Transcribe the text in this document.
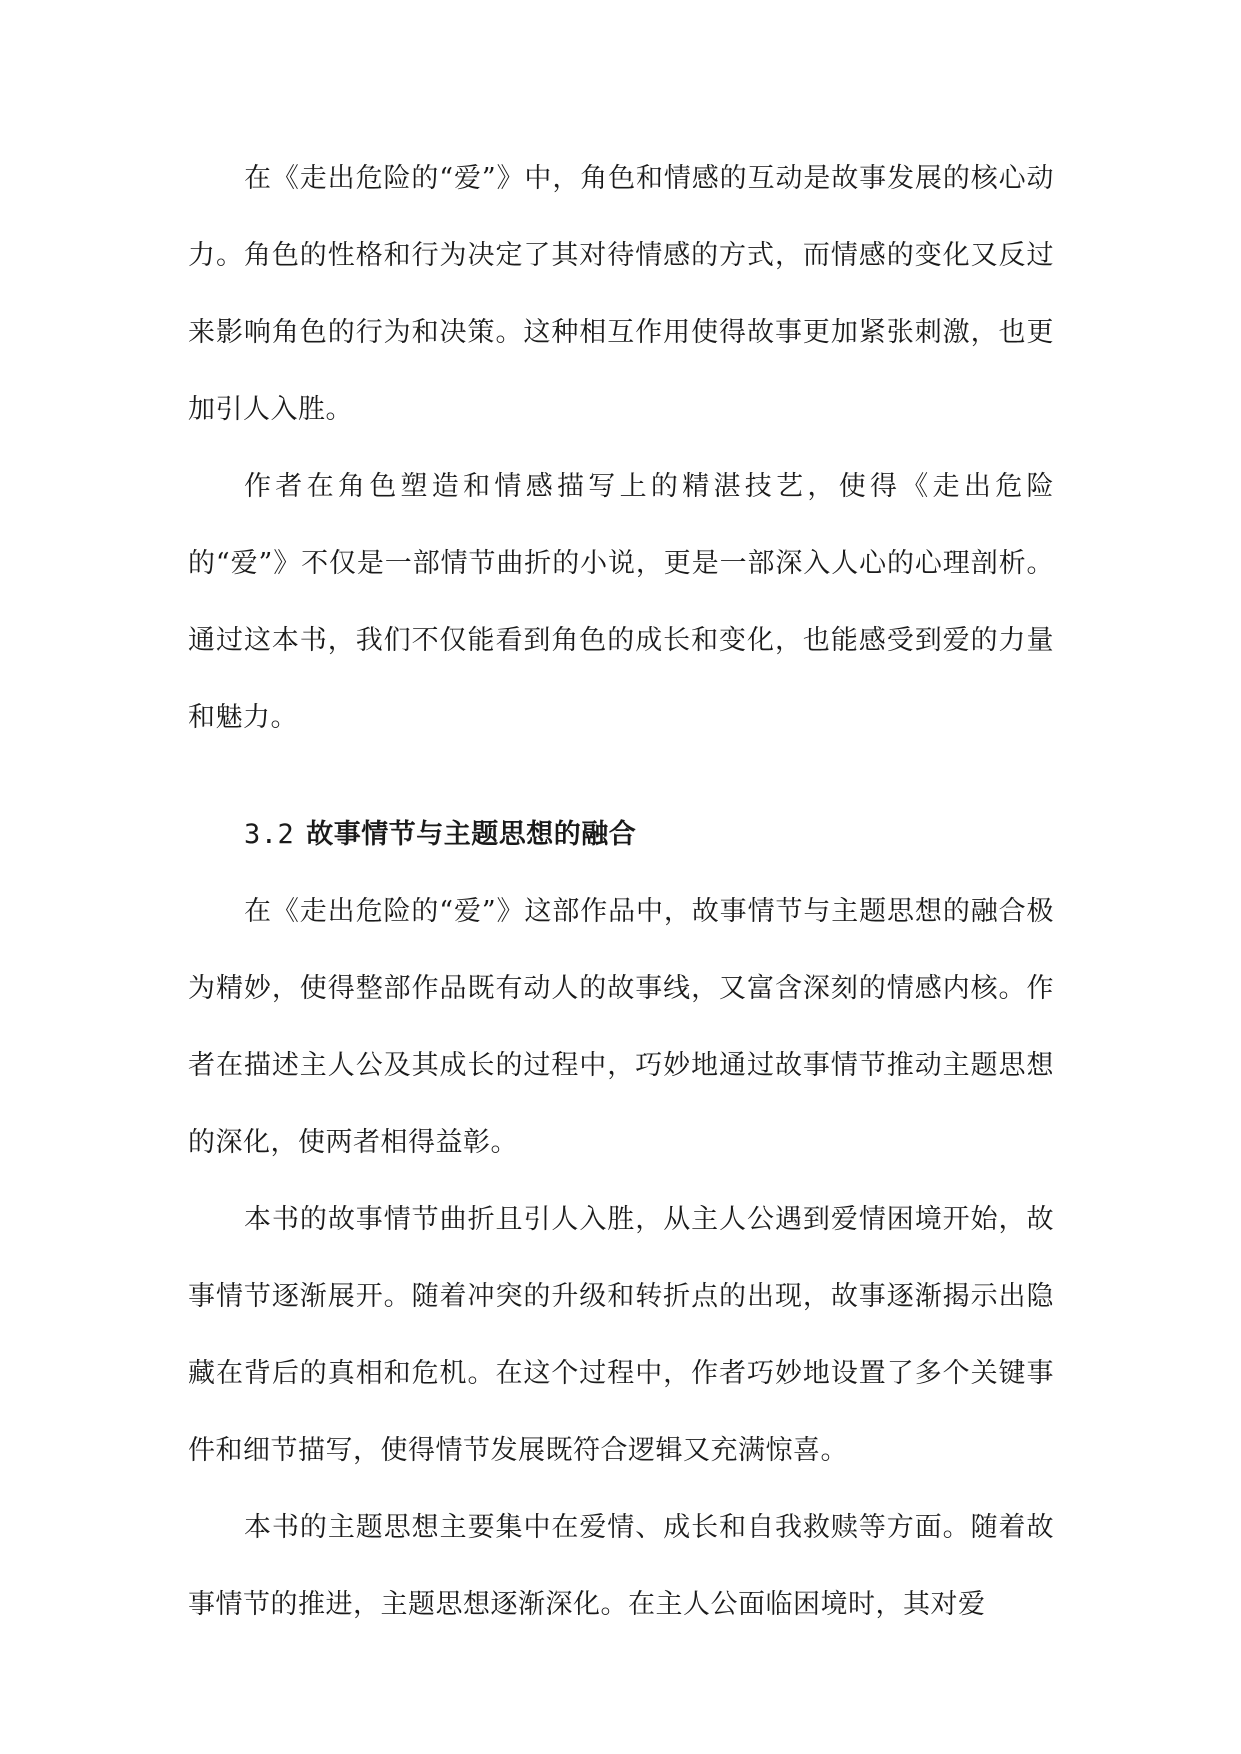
在《走出危险的“爱”》中，角色和情感的互动是故事发展的核心动力。角色的性格和行为决定了其对待情感的方式，而情感的变化又反过来影响角色的行为和决策。这种相互作用使得故事更加紧张刺激，也更加引人入胜。

作者在角色塑造和情感描写上的精湛技艺，使得《走出危险的“爱”》不仅是一部情节曲折的小说，更是一部深入人心的心理剖析。通过这本书，我们不仅能看到角色的成长和变化，也能感受到爱的力量和魅力。

3.2 故事情节与主题思想的融合

在《走出危险的“爱”》这部作品中，故事情节与主题思想的融合极为精妙，使得整部作品既有动人的故事线，又富含深刻的情感内核。作者在描述主人公及其成长的过程中，巧妙地通过故事情节推动主题思想的深化，使两者相得益彰。

本书的故事情节曲折且引人入胜，从主人公遇到爱情困境开始，故事情节逐渐展开。随着冲突的升级和转折点的出现，故事逐渐揭示出隐藏在背后的真相和危机。在这个过程中，作者巧妙地设置了多个关键事件和细节描写，使得情节发展既符合逻辑又充满惊喜。

本书的主题思想主要集中在爱情、成长和自我救赎等方面。随着故事情节的推进，主题思想逐渐深化。在主人公面临困境时，其对爱
